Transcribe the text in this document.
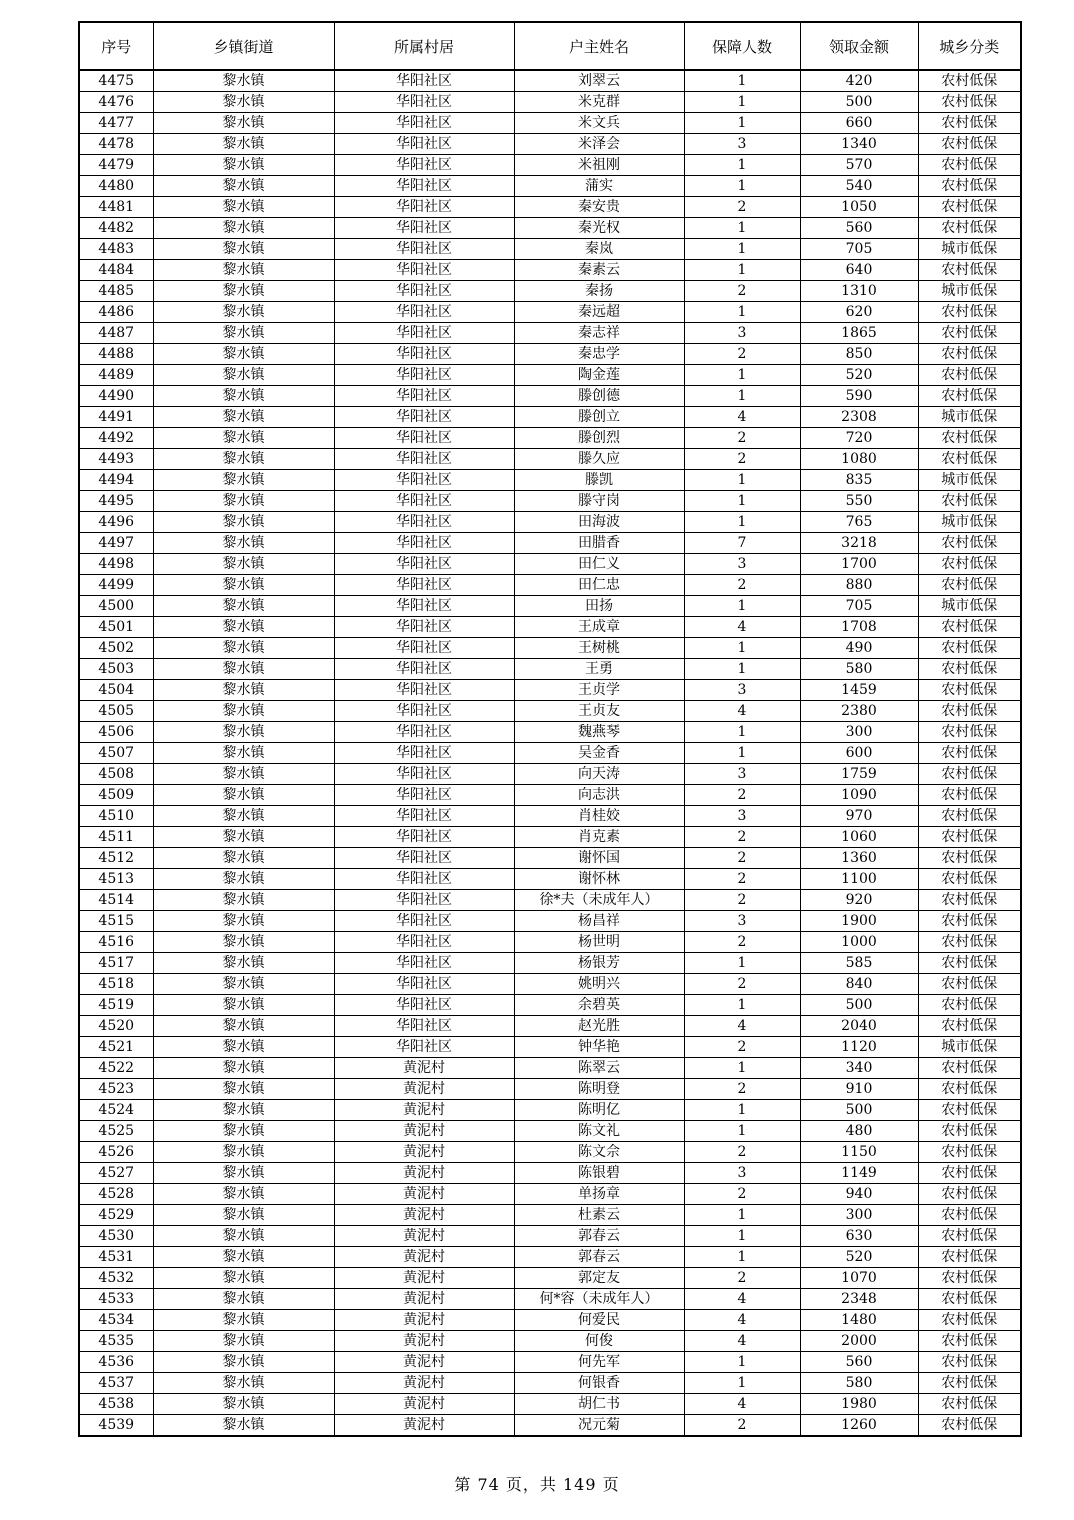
序号	乡镇街道	所属村居	户主姓名	保障人数	领取金额	城乡分类
4475	黎水镇	华阳社区	刘翠云	1	420	农村低保
4476	黎水镇	华阳社区	米克群	1	500	农村低保
4477	黎水镇	华阳社区	米文兵	1	660	农村低保
4478	黎水镇	华阳社区	米泽会	3	1340	农村低保
4479	黎水镇	华阳社区	米祖刚	1	570	农村低保
4480	黎水镇	华阳社区	蒲实	1	540	农村低保
4481	黎水镇	华阳社区	秦安贵	2	1050	农村低保
4482	黎水镇	华阳社区	秦光权	1	560	农村低保
4483	黎水镇	华阳社区	秦岚	1	705	城市低保
4484	黎水镇	华阳社区	秦素云	1	640	农村低保
4485	黎水镇	华阳社区	秦扬	2	1310	城市低保
4486	黎水镇	华阳社区	秦远超	1	620	农村低保
4487	黎水镇	华阳社区	秦志祥	3	1865	农村低保
4488	黎水镇	华阳社区	秦忠学	2	850	农村低保
4489	黎水镇	华阳社区	陶金莲	1	520	农村低保
4490	黎水镇	华阳社区	滕创德	1	590	农村低保
4491	黎水镇	华阳社区	滕创立	4	2308	城市低保
4492	黎水镇	华阳社区	滕创烈	2	720	农村低保
4493	黎水镇	华阳社区	滕久应	2	1080	农村低保
4494	黎水镇	华阳社区	滕凯	1	835	城市低保
4495	黎水镇	华阳社区	滕守岗	1	550	农村低保
4496	黎水镇	华阳社区	田海波	1	765	城市低保
4497	黎水镇	华阳社区	田腊香	7	3218	农村低保
4498	黎水镇	华阳社区	田仁义	3	1700	农村低保
4499	黎水镇	华阳社区	田仁忠	2	880	农村低保
4500	黎水镇	华阳社区	田扬	1	705	城市低保
4501	黎水镇	华阳社区	王成章	4	1708	农村低保
4502	黎水镇	华阳社区	王树桃	1	490	农村低保
4503	黎水镇	华阳社区	王勇	1	580	农村低保
4504	黎水镇	华阳社区	王贞学	3	1459	农村低保
4505	黎水镇	华阳社区	王贞友	4	2380	农村低保
4506	黎水镇	华阳社区	魏燕琴	1	300	农村低保
4507	黎水镇	华阳社区	吴金香	1	600	农村低保
4508	黎水镇	华阳社区	向天涛	3	1759	农村低保
4509	黎水镇	华阳社区	向志洪	2	1090	农村低保
4510	黎水镇	华阳社区	肖桂姣	3	970	农村低保
4511	黎水镇	华阳社区	肖克素	2	1060	农村低保
4512	黎水镇	华阳社区	谢怀国	2	1360	农村低保
4513	黎水镇	华阳社区	谢怀林	2	1100	农村低保
4514	黎水镇	华阳社区	徐*夫（未成年人）	2	920	农村低保
4515	黎水镇	华阳社区	杨昌祥	3	1900	农村低保
4516	黎水镇	华阳社区	杨世明	2	1000	农村低保
4517	黎水镇	华阳社区	杨银芳	1	585	农村低保
4518	黎水镇	华阳社区	姚明兴	2	840	农村低保
4519	黎水镇	华阳社区	余碧英	1	500	农村低保
4520	黎水镇	华阳社区	赵光胜	4	2040	农村低保
4521	黎水镇	华阳社区	钟华艳	2	1120	城市低保
4522	黎水镇	黄泥村	陈翠云	1	340	农村低保
4523	黎水镇	黄泥村	陈明登	2	910	农村低保
4524	黎水镇	黄泥村	陈明亿	1	500	农村低保
4525	黎水镇	黄泥村	陈文礼	1	480	农村低保
4526	黎水镇	黄泥村	陈文佘	2	1150	农村低保
4527	黎水镇	黄泥村	陈银碧	3	1149	农村低保
4528	黎水镇	黄泥村	单扬章	2	940	农村低保
4529	黎水镇	黄泥村	杜素云	1	300	农村低保
4530	黎水镇	黄泥村	郭春云	1	630	农村低保
4531	黎水镇	黄泥村	郭春云	1	520	农村低保
4532	黎水镇	黄泥村	郭定友	2	1070	农村低保
4533	黎水镇	黄泥村	何*容（未成年人）	4	2348	农村低保
4534	黎水镇	黄泥村	何爱民	4	1480	农村低保
4535	黎水镇	黄泥村	何俊	4	2000	农村低保
4536	黎水镇	黄泥村	何先军	1	560	农村低保
4537	黎水镇	黄泥村	何银香	1	580	农村低保
4538	黎水镇	黄泥村	胡仁书	4	1980	农村低保
4539	黎水镇	黄泥村	况元菊	2	1260	农村低保
第 74 页，共 149 页
